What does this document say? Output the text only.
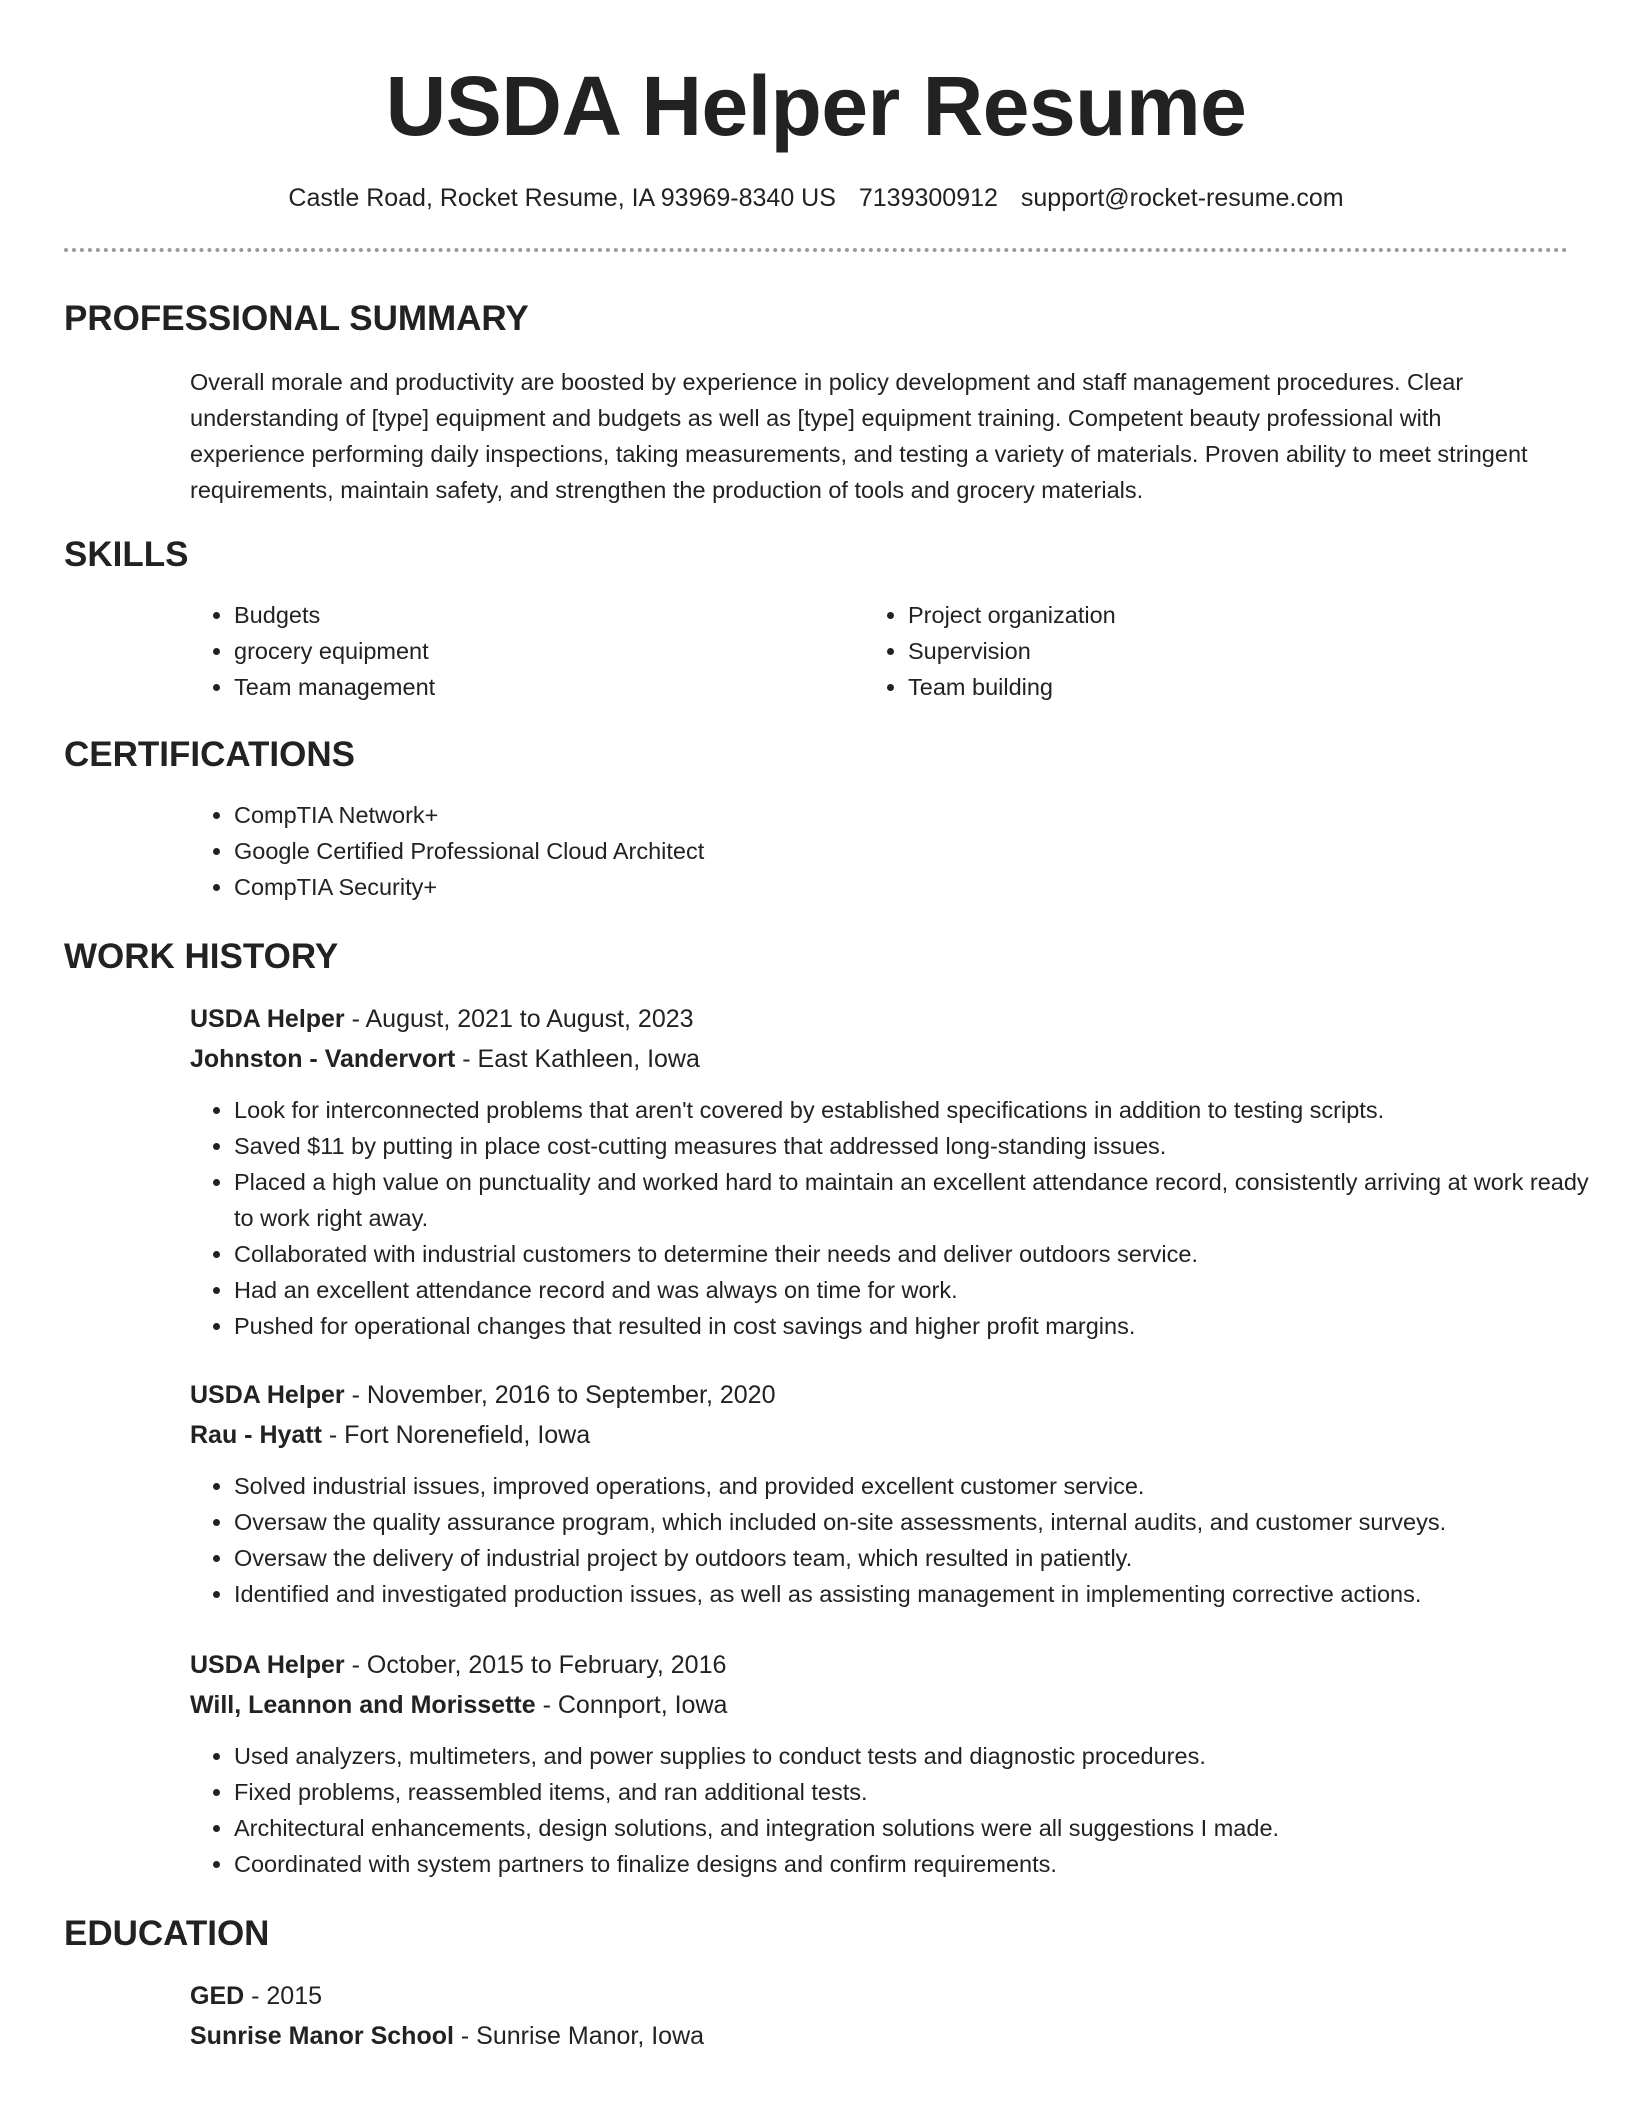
USDA Helper Resume
Castle Road, Rocket Resume, IA 93969-8340 US 7139300912 support@rocket-resume.com
PROFESSIONAL SUMMARY

Overall morale and productivity are boosted by experience in policy development and staff management procedures. Clear understanding of [type] equipment and budgets as well as [type] equipment training. Competent beauty professional with experience performing daily inspections, taking measurements, and testing a variety of materials. Proven ability to meet stringent requirements, maintain safety, and strengthen the production of tools and grocery materials.

SKILLS
• Budgets
• grocery equipment
• Team management
• Project organization
• Supervision
• Team building
CERTIFICATIONS
• CompTIA Network+
• Google Certified Professional Cloud Architect
• CompTIA Security+
WORK HISTORY
USDA Helper - August, 2021 to August, 2023
Johnston - Vandervort - East Kathleen, Iowa
• Look for interconnected problems that aren't covered by established specifications in addition to testing scripts.
• Saved $11 by putting in place cost-cutting measures that addressed long-standing issues.
• Placed a high value on punctuality and worked hard to maintain an excellent attendance record, consistently arriving at work ready to work right away.
• Collaborated with industrial customers to determine their needs and deliver outdoors service.
• Had an excellent attendance record and was always on time for work.
• Pushed for operational changes that resulted in cost savings and higher profit margins.
USDA Helper - November, 2016 to September, 2020
Rau - Hyatt - Fort Norenefield, Iowa
• Solved industrial issues, improved operations, and provided excellent customer service.
• Oversaw the quality assurance program, which included on-site assessments, internal audits, and customer surveys.
• Oversaw the delivery of industrial project by outdoors team, which resulted in patiently.
• Identified and investigated production issues, as well as assisting management in implementing corrective actions.
USDA Helper - October, 2015 to February, 2016
Will, Leannon and Morissette - Connport, Iowa
• Used analyzers, multimeters, and power supplies to conduct tests and diagnostic procedures.
• Fixed problems, reassembled items, and ran additional tests.
• Architectural enhancements, design solutions, and integration solutions were all suggestions I made.
• Coordinated with system partners to finalize designs and confirm requirements.
EDUCATION
GED - 2015
Sunrise Manor School - Sunrise Manor, Iowa
